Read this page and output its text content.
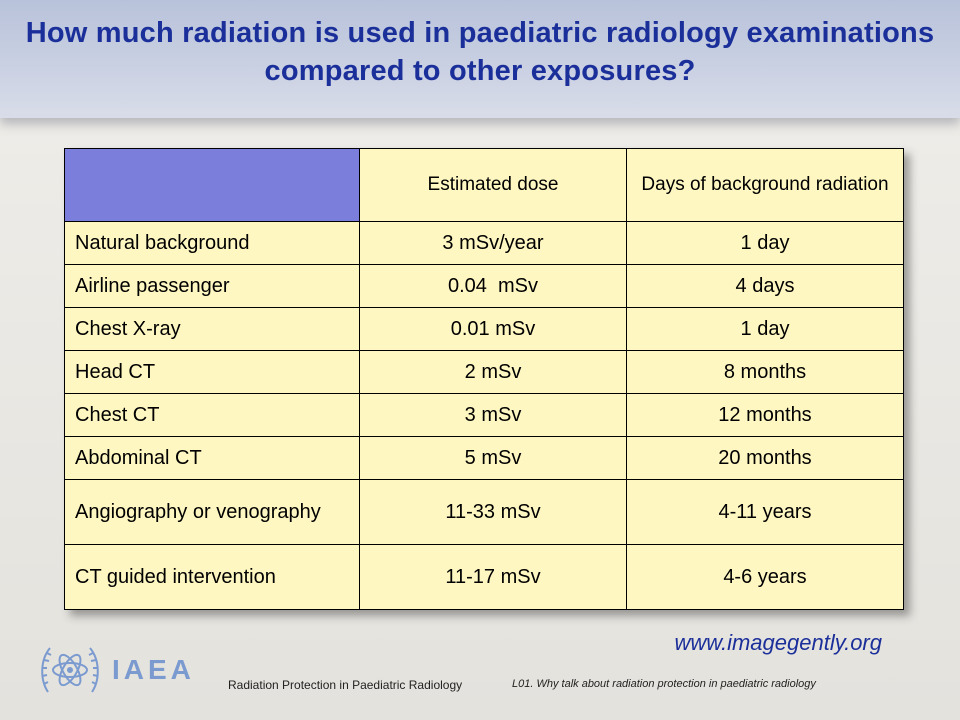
How much radiation is used in paediatric radiology examinations compared to other exposures?
	Estimated dose	Days of background radiation
Natural background	3 mSv/year	1 day
Airline passenger	0.04  mSv	4 days
Chest X-ray	0.01 mSv	1 day
Head CT	2 mSv	8 months
Chest CT	3 mSv	12 months
Abdominal CT	5 mSv	20 months
Angiography or venography	11-33 mSv	4-11 years
CT guided intervention	11-17 mSv	4-6 years
www.imagegently.org
IAEA	Radiation Protection in Paediatric Radiology	L01. Why talk about radiation protection in paediatric radiology
